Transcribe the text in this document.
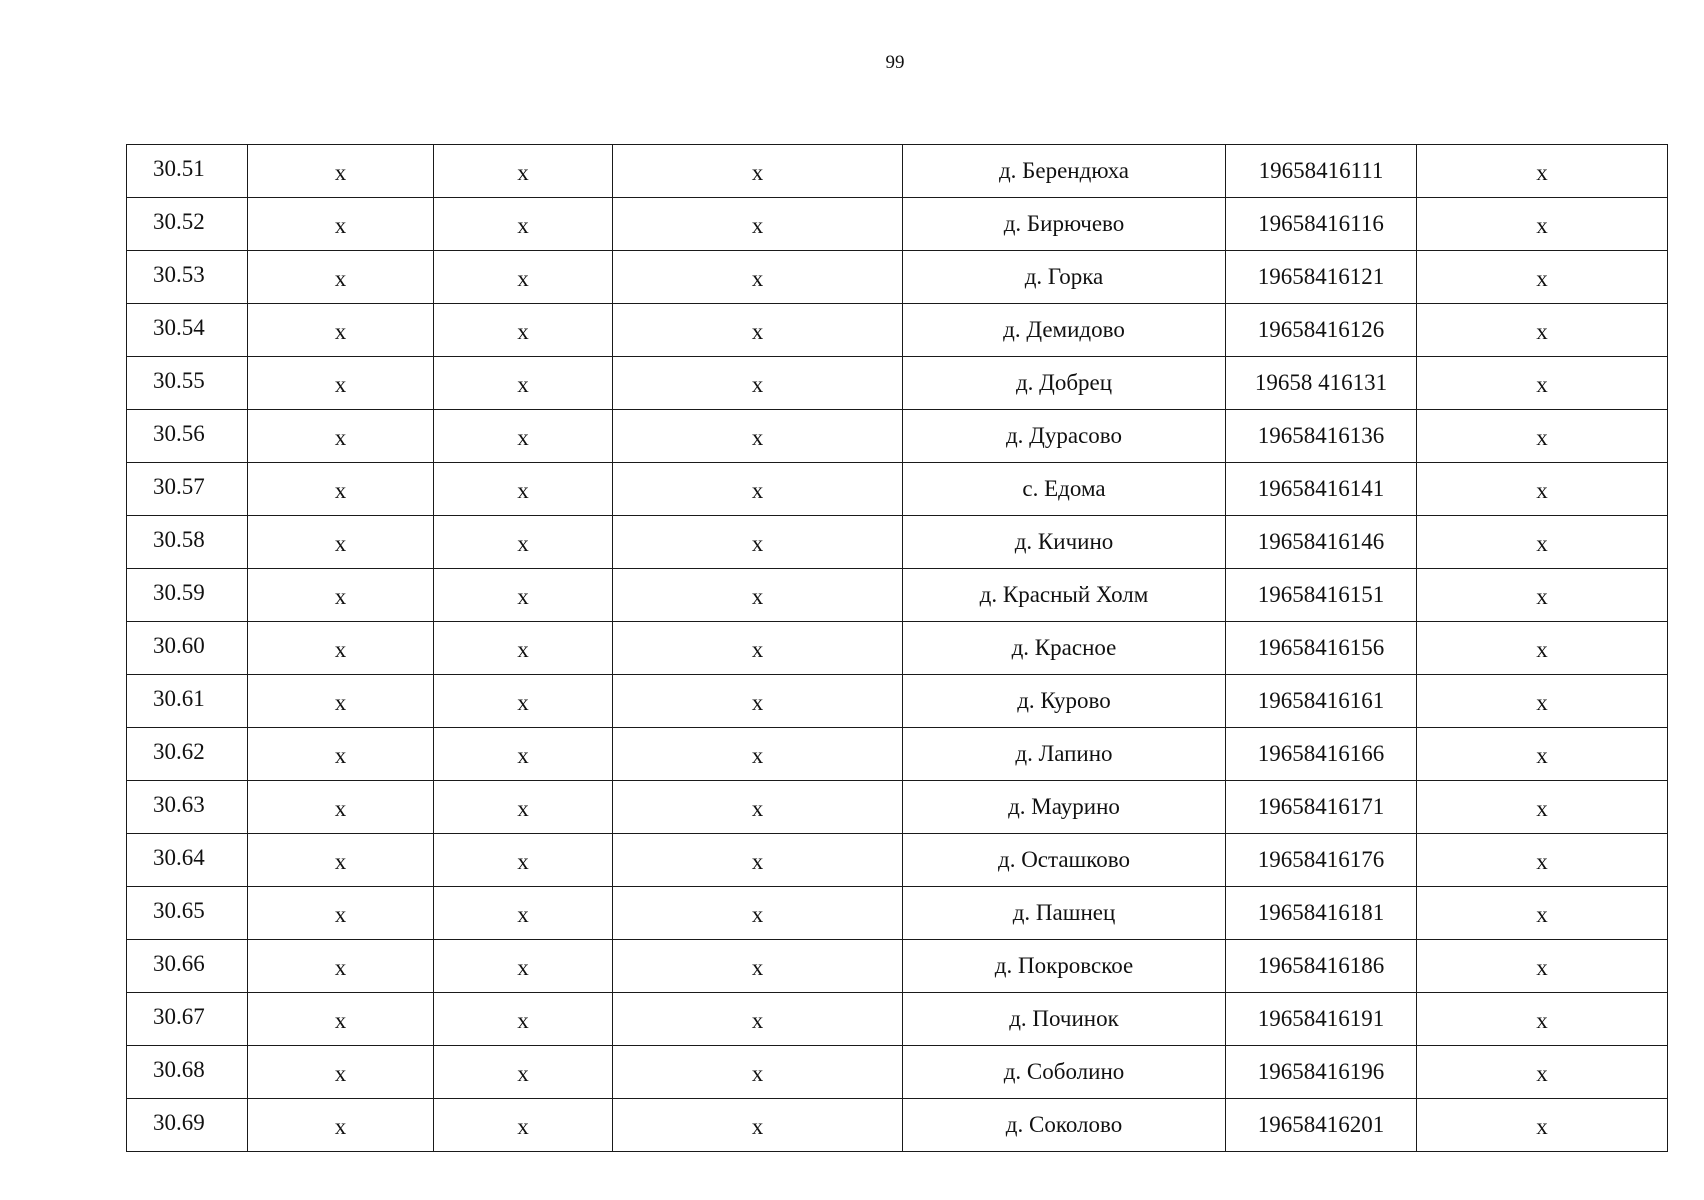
99
30.51	x	x	x	д. Берендюха	19658416111	x
30.52	x	x	x	д. Бирючево	19658416116	x
30.53	x	x	x	д. Горка	19658416121	x
30.54	x	x	x	д. Демидово	19658416126	x
30.55	x	x	x	д. Добрец	19658 416131	x
30.56	x	x	x	д. Дурасово	19658416136	x
30.57	x	x	x	с. Едома	19658416141	x
30.58	x	x	x	д. Кичино	19658416146	x
30.59	x	x	x	д. Красный Холм	19658416151	x
30.60	x	x	x	д. Красное	19658416156	x
30.61	x	x	x	д. Курово	19658416161	x
30.62	x	x	x	д. Лапино	19658416166	x
30.63	x	x	x	д. Маурино	19658416171	x
30.64	x	x	x	д. Осташково	19658416176	x
30.65	x	x	x	д. Пашнец	19658416181	x
30.66	x	x	x	д. Покровское	19658416186	x
30.67	x	x	x	д. Починок	19658416191	x
30.68	x	x	x	д. Соболино	19658416196	x
30.69	x	x	x	д. Соколово	19658416201	x
